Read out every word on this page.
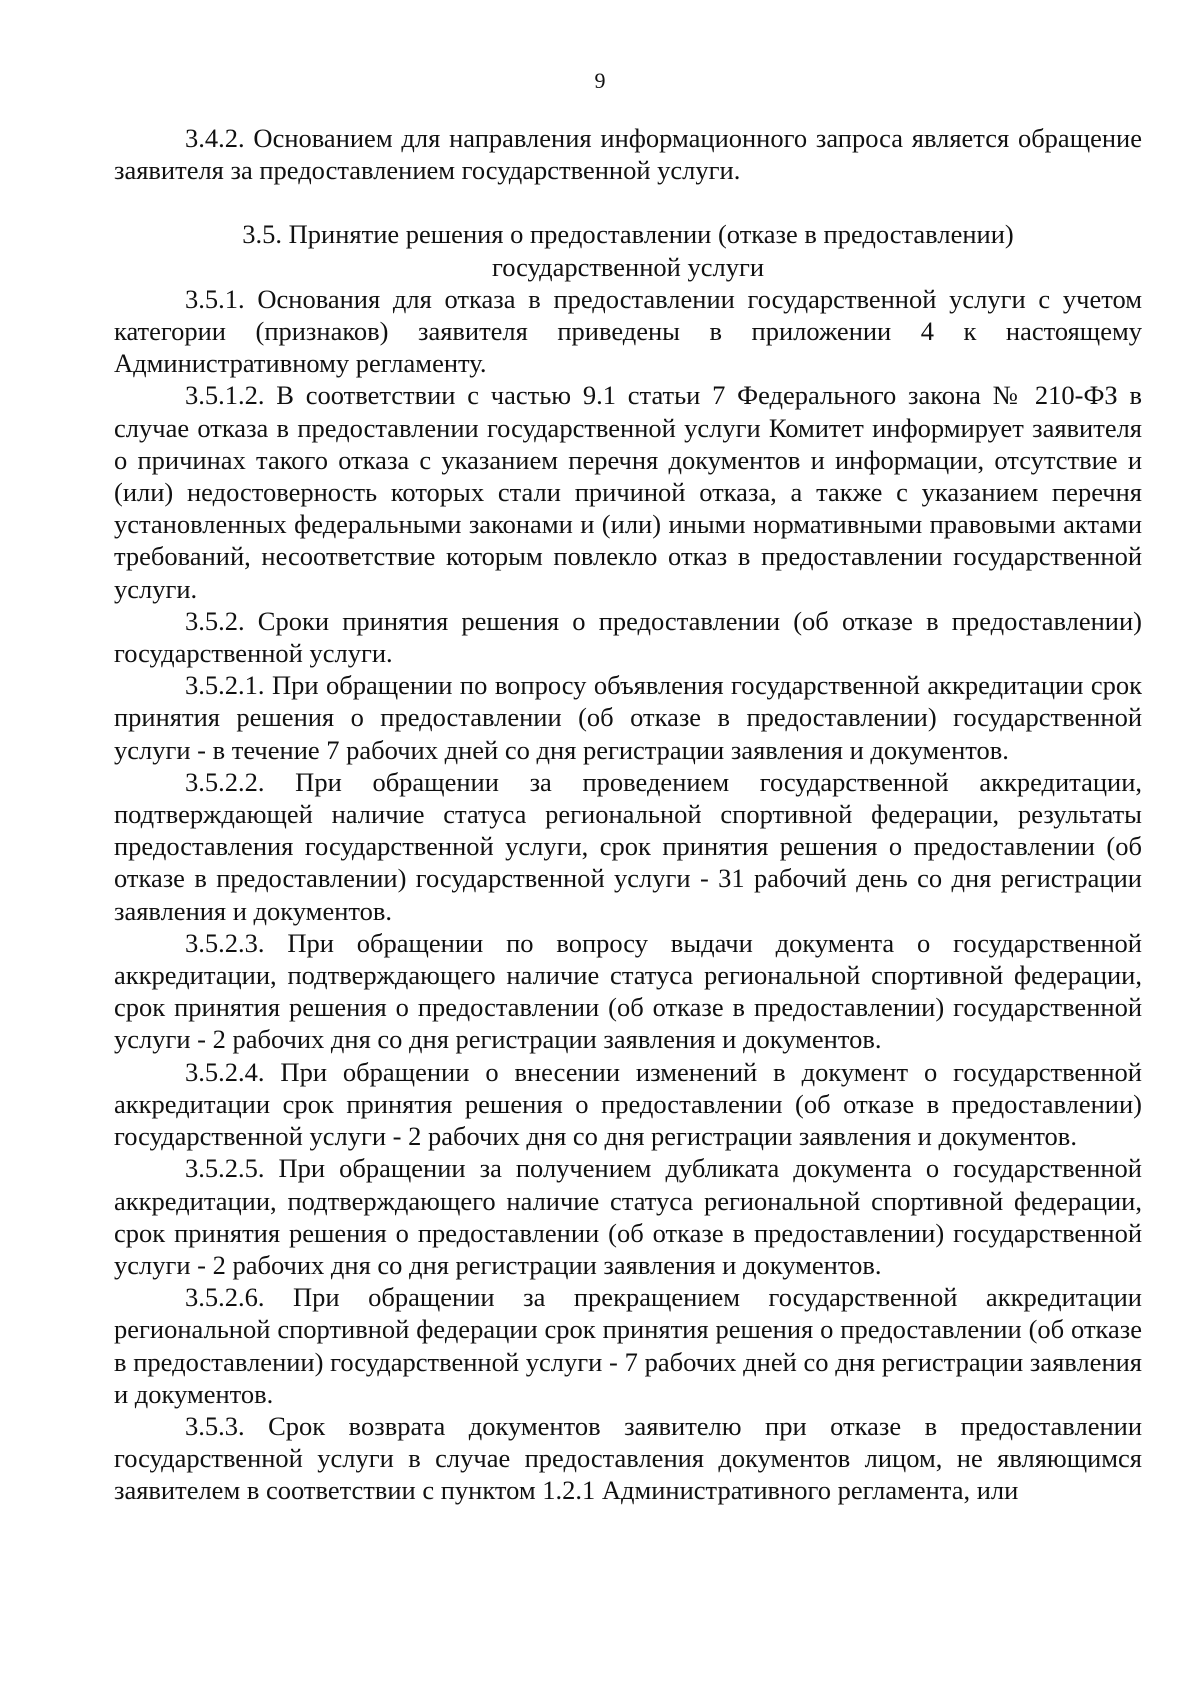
9

3.4.2. Основанием для направления информационного запроса является обращение заявителя за предоставлением государственной услуги.

3.5. Принятие решения о предоставлении (отказе в предоставлении)
государственной услуги

3.5.1. Основания для отказа в предоставлении государственной услуги с учетом категории (признаков) заявителя приведены в приложении 4 к настоящему Административному регламенту.

3.5.1.2. В соответствии с частью 9.1 статьи 7 Федерального закона № 210-ФЗ в случае отказа в предоставлении государственной услуги Комитет информирует заявителя о причинах такого отказа с указанием перечня документов и информации, отсутствие и (или) недостоверность которых стали причиной отказа, а также с указанием перечня установленных федеральными законами и (или) иными нормативными правовыми актами требований, несоответствие которым повлекло отказ в предоставлении государственной услуги.

3.5.2. Сроки принятия решения о предоставлении (об отказе в предоставлении) государственной услуги.

3.5.2.1. При обращении по вопросу объявления государственной аккредитации срок принятия решения о предоставлении (об отказе в предоставлении) государственной услуги - в течение 7 рабочих дней со дня регистрации заявления и документов.

3.5.2.2. При обращении за проведением государственной аккредитации, подтверждающей наличие статуса региональной спортивной федерации, результаты предоставления государственной услуги, срок принятия решения о предоставлении (об отказе в предоставлении) государственной услуги - 31 рабочий день со дня регистрации заявления и документов.

3.5.2.3. При обращении по вопросу выдачи документа о государственной аккредитации, подтверждающего наличие статуса региональной спортивной федерации, срок принятия решения о предоставлении (об отказе в предоставлении) государственной услуги - 2 рабочих дня со дня регистрации заявления и документов.

3.5.2.4. При обращении о внесении изменений в документ о государственной аккредитации срок принятия решения о предоставлении (об отказе в предоставлении) государственной услуги - 2 рабочих дня со дня регистрации заявления и документов.

3.5.2.5. При обращении за получением дубликата документа о государственной аккредитации, подтверждающего наличие статуса региональной спортивной федерации, срок принятия решения о предоставлении (об отказе в предоставлении) государственной услуги - 2 рабочих дня со дня регистрации заявления и документов.

3.5.2.6. При обращении за прекращением государственной аккредитации региональной спортивной федерации срок принятия решения о предоставлении (об отказе в предоставлении) государственной услуги - 7 рабочих дней со дня регистрации заявления и документов.

3.5.3. Срок возврата документов заявителю при отказе в предоставлении государственной услуги в случае предоставления документов лицом, не являющимся заявителем в соответствии с пунктом 1.2.1 Административного регламента, или
